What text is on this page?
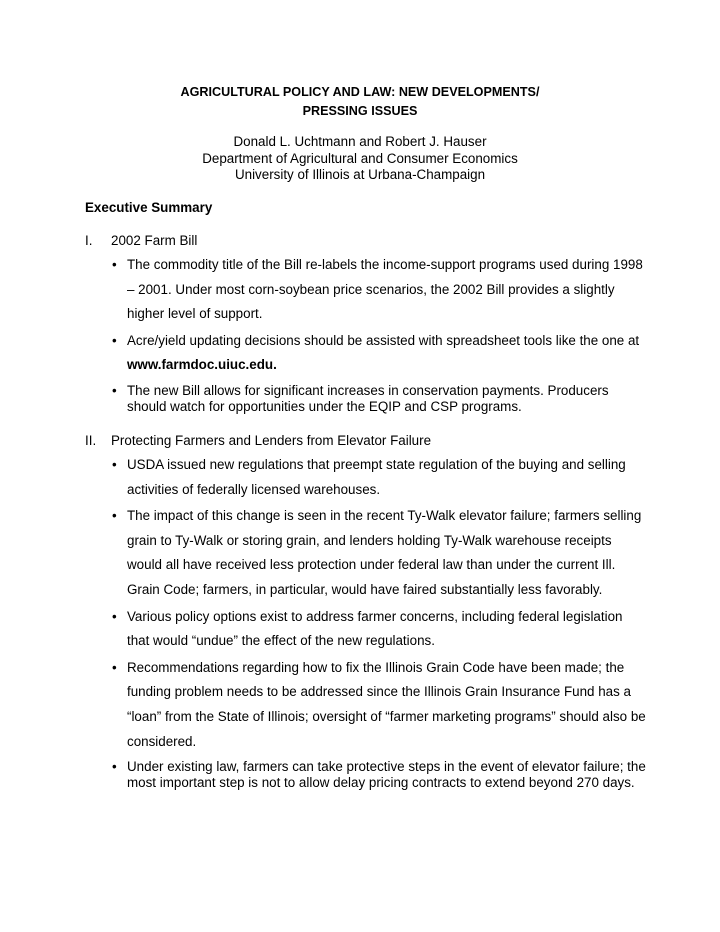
AGRICULTURAL POLICY AND LAW: NEW DEVELOPMENTS/
PRESSING ISSUES
Donald L. Uchtmann and Robert J. Hauser
Department of Agricultural and Consumer Economics
University of Illinois at Urbana-Champaign
Executive Summary
I. 2002 Farm Bill
• The commodity title of the Bill re-labels the income-support programs used during 1998 – 2001. Under most corn-soybean price scenarios, the 2002 Bill provides a slightly higher level of support.
• Acre/yield updating decisions should be assisted with spreadsheet tools like the one at www.farmdoc.uiuc.edu.
• The new Bill allows for significant increases in conservation payments. Producers should watch for opportunities under the EQIP and CSP programs.
II. Protecting Farmers and Lenders from Elevator Failure
• USDA issued new regulations that preempt state regulation of the buying and selling activities of federally licensed warehouses.
• The impact of this change is seen in the recent Ty-Walk elevator failure; farmers selling grain to Ty-Walk or storing grain, and lenders holding Ty-Walk warehouse receipts would all have received less protection under federal law than under the current Ill. Grain Code; farmers, in particular, would have faired substantially less favorably.
• Various policy options exist to address farmer concerns, including federal legislation that would “undue” the effect of the new regulations.
• Recommendations regarding how to fix the Illinois Grain Code have been made; the funding problem needs to be addressed since the Illinois Grain Insurance Fund has a “loan” from the State of Illinois; oversight of “farmer marketing programs” should also be considered.
• Under existing law, farmers can take protective steps in the event of elevator failure; the most important step is not to allow delay pricing contracts to extend beyond 270 days.
